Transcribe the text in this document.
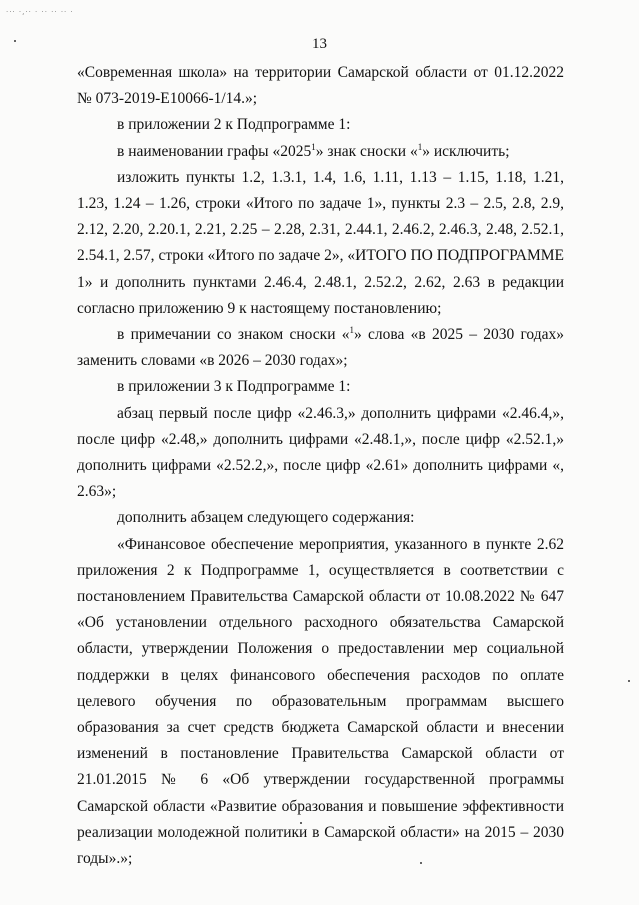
··· ·,·· · ·· ·· ·· ·
13

«Современная школа» на территории Самарской области от 01.12.2022 № 073-2019-Е10066-1/14.»;

в приложении 2 к Подпрограмме 1:

в наименовании графы «2025$^1$» знак сноски «$^1$» исключить;

изложить пункты 1.2, 1.3.1, 1.4, 1.6, 1.11, 1.13 – 1.15, 1.18, 1.21, 1.23, 1.24 – 1.26, строки «Итого по задаче 1», пункты 2.3 – 2.5, 2.8, 2.9, 2.12, 2.20, 2.20.1, 2.21, 2.25 – 2.28, 2.31, 2.44.1, 2.46.2, 2.46.3, 2.48, 2.52.1, 2.54.1, 2.57, строки «Итого по задаче 2», «ИТОГО ПО ПОДПРОГРАММЕ 1» и дополнить пунктами 2.46.4, 2.48.1, 2.52.2, 2.62, 2.63 в редакции согласно приложению 9 к настоящему постановлению;

в примечании со знаком сноски «$^1$» слова «в 2025 – 2030 годах» заменить словами «в 2026 – 2030 годах»;

в приложении 3 к Подпрограмме 1:

абзац первый после цифр «2.46.3,» дополнить цифрами «2.46.4,», после цифр «2.48,» дополнить цифрами «2.48.1,», после цифр «2.52.1,» дополнить цифрами «2.52.2,», после цифр «2.61» дополнить цифрами «, 2.63»;

дополнить абзацем следующего содержания:

«Финансовое обеспечение мероприятия, указанного в пункте 2.62 приложения 2 к Подпрограмме 1, осуществляется в соответствии с постановлением Правительства Самарской области от 10.08.2022 № 647 «Об установлении отдельного расходного обязательства Самарской области, утверждении Положения о предоставлении мер социальной поддержки в целях финансового обеспечения расходов по оплате целевого обучения по образовательным программам высшего образования за счет средств бюджета Самарской области и внесении изменений в постановление Правительства Самарской области от 21.01.2015 № 6 «Об утверждении государственной программы Самарской области «Развитие образования и повышение эффективности реализации молодежной политики в Самарской области» на 2015 – 2030 годы».»;
